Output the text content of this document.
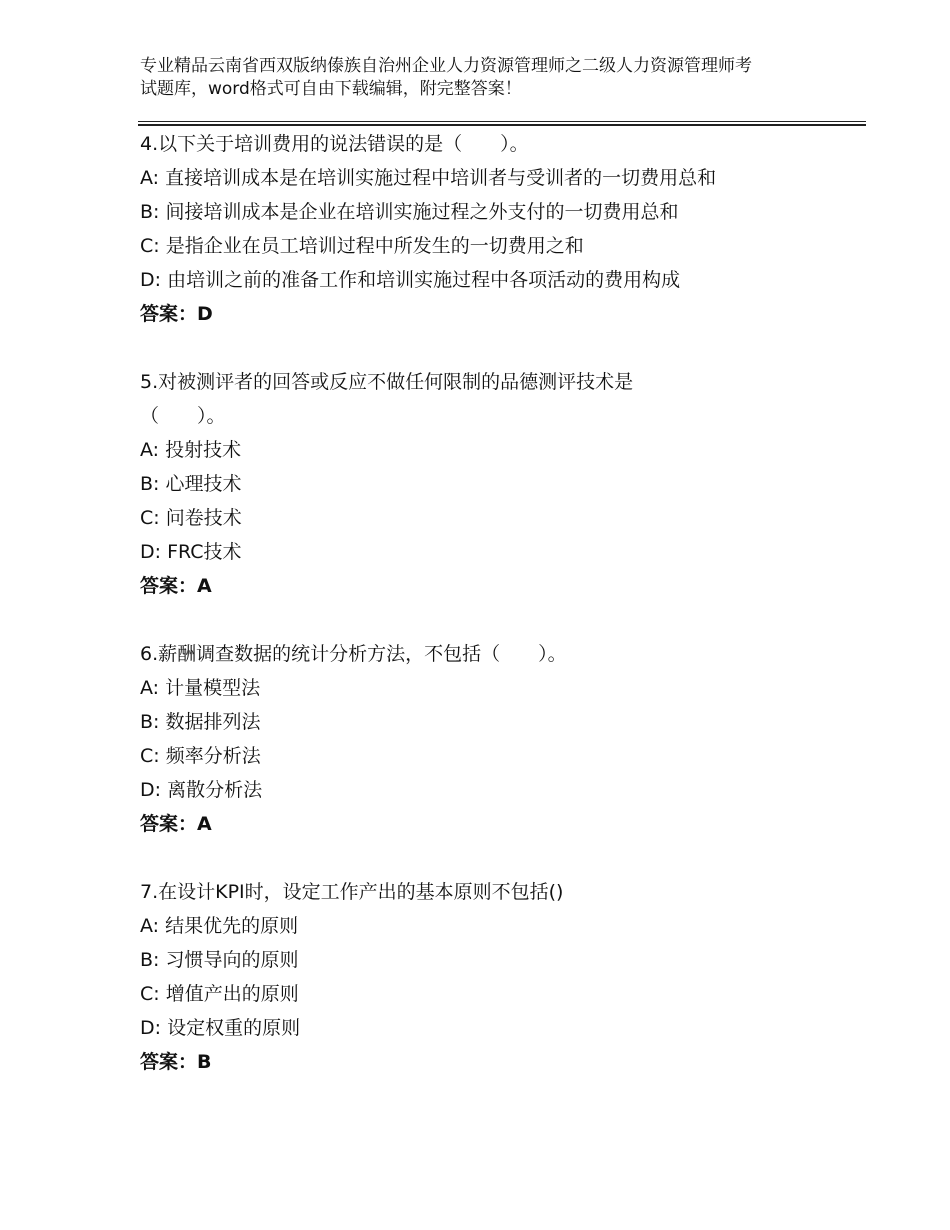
专业精品云南省西双版纳傣族自治州企业人力资源管理师之二级人力资源管理师考
试题库，word格式可自由下载编辑，附完整答案！

4.以下关于培训费用的说法错误的是（　　）。

A: 直接培训成本是在培训实施过程中培训者与受训者的一切费用总和

B: 间接培训成本是企业在培训实施过程之外支付的一切费用总和

C: 是指企业在员工培训过程中所发生的一切费用之和

D: 由培训之前的准备工作和培训实施过程中各项活动的费用构成

答案：D

5.对被测评者的回答或反应不做任何限制的品德测评技术是

（　　）。

A: 投射技术

B: 心理技术

C: 问卷技术

D: FRC技术

答案：A

6.薪酬调查数据的统计分析方法，不包括（　　）。

A: 计量模型法

B: 数据排列法

C: 频率分析法

D: 离散分析法

答案：A

7.在设计KPI时，设定工作产出的基本原则不包括()

A: 结果优先的原则

B: 习惯导向的原则

C: 增值产出的原则

D: 设定权重的原则

答案：B
